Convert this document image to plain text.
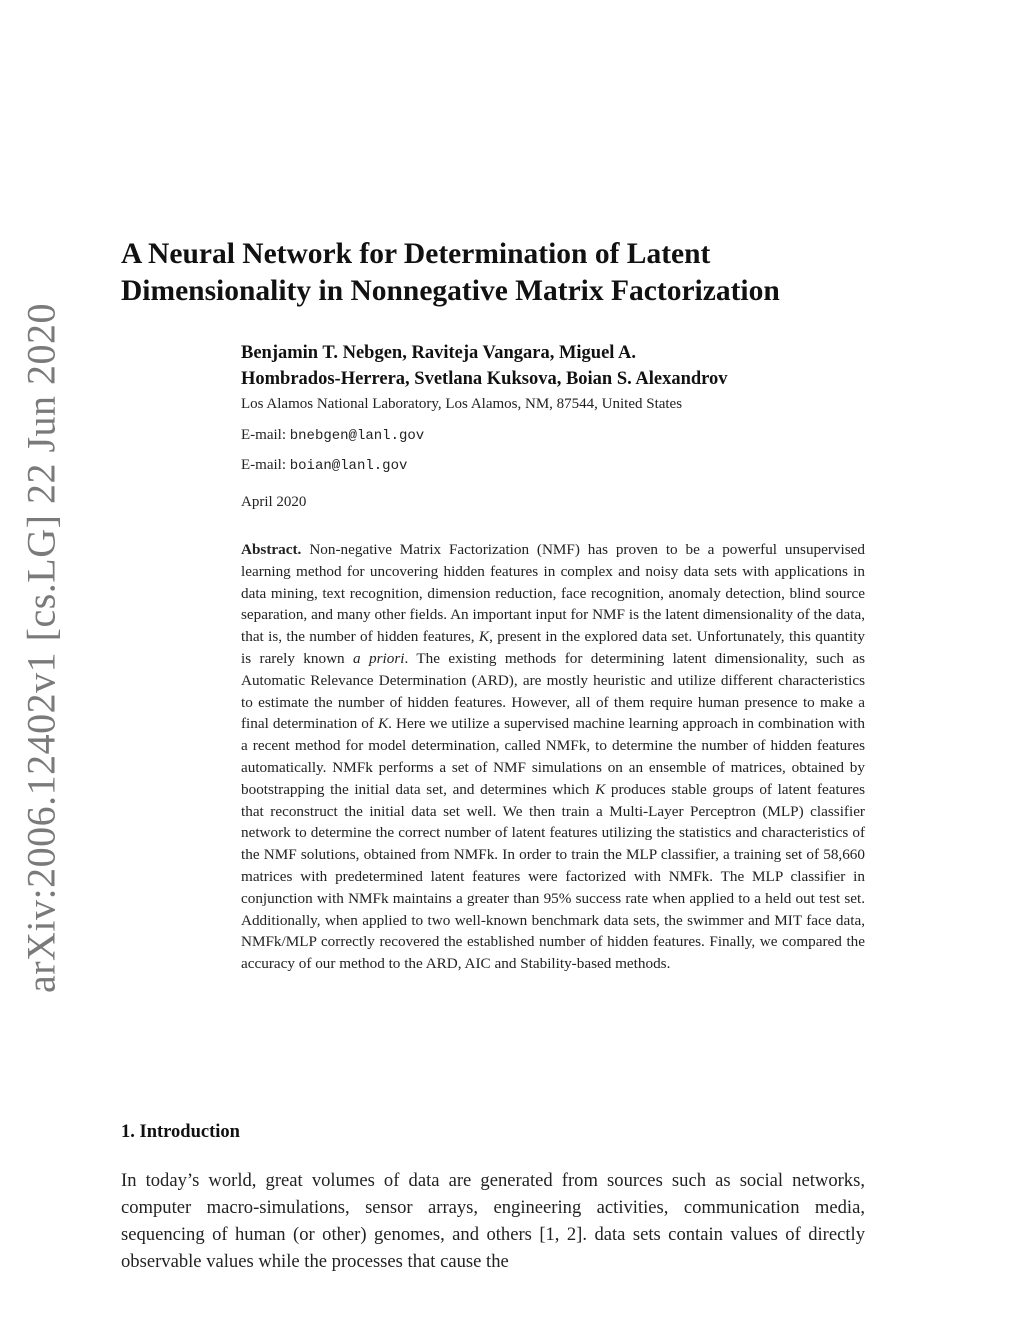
arXiv:2006.12402v1 [cs.LG] 22 Jun 2020
A Neural Network for Determination of Latent
Dimensionality in Nonnegative Matrix Factorization
Benjamin T. Nebgen, Raviteja Vangara, Miguel A.
Hombrados-Herrera, Svetlana Kuksova, Boian S. Alexandrov
Los Alamos National Laboratory, Los Alamos, NM, 87544, United States
E-mail: bnebgen@lanl.gov
E-mail: boian@lanl.gov
April 2020
Abstract. Non-negative Matrix Factorization (NMF) has proven to be a powerful unsupervised learning method for uncovering hidden features in complex and noisy data sets with applications in data mining, text recognition, dimension reduction, face recognition, anomaly detection, blind source separation, and many other fields. An important input for NMF is the latent dimensionality of the data, that is, the number of hidden features, K, present in the explored data set. Unfortunately, this quantity is rarely known a priori. The existing methods for determining latent dimensionality, such as Automatic Relevance Determination (ARD), are mostly heuristic and utilize different characteristics to estimate the number of hidden features. However, all of them require human presence to make a final determination of K. Here we utilize a supervised machine learning approach in combination with a recent method for model determination, called NMFk, to determine the number of hidden features automatically. NMFk performs a set of NMF simulations on an ensemble of matrices, obtained by bootstrapping the initial data set, and determines which K produces stable groups of latent features that reconstruct the initial data set well. We then train a Multi-Layer Perceptron (MLP) classifier network to determine the correct number of latent features utilizing the statistics and characteristics of the NMF solutions, obtained from NMFk. In order to train the MLP classifier, a training set of 58,660 matrices with predetermined latent features were factorized with NMFk. The MLP classifier in conjunction with NMFk maintains a greater than 95% success rate when applied to a held out test set. Additionally, when applied to two well-known benchmark data sets, the swimmer and MIT face data, NMFk/MLP correctly recovered the established number of hidden features. Finally, we compared the accuracy of our method to the ARD, AIC and Stability-based methods.
1. Introduction
In today’s world, great volumes of data are generated from sources such as social networks, computer macro-simulations, sensor arrays, engineering activities, communication media, sequencing of human (or other) genomes, and others [1, 2]. data sets contain values of directly observable values while the processes that cause the
